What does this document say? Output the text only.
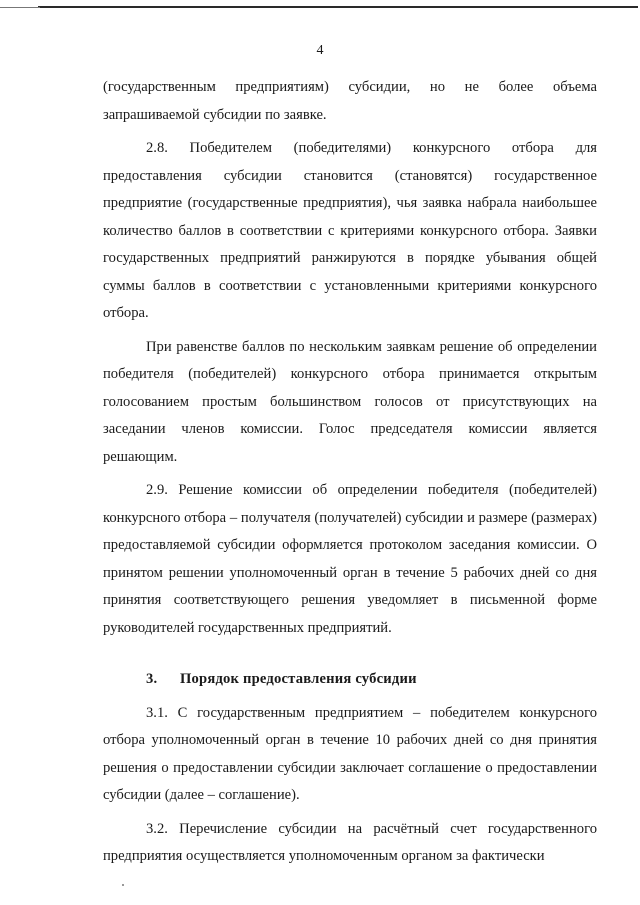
4

(государственным предприятиям) субсидии, но не более объема запрашиваемой субсидии по заявке.

2.8. Победителем (победителями) конкурсного отбора для предоставления субсидии становится (становятся) государственное предприятие (государственные предприятия), чья заявка набрала наибольшее количество баллов в соответствии с критериями конкурсного отбора. Заявки государственных предприятий ранжируются в порядке убывания общей суммы баллов в соответствии с установленными критериями конкурсного отбора.

При равенстве баллов по нескольким заявкам решение об определении победителя (победителей) конкурсного отбора принимается открытым голосованием простым большинством голосов от присутствующих на заседании членов комиссии. Голос председателя комиссии является решающим.

2.9. Решение комиссии об определении победителя (победителей) конкурсного отбора – получателя (получателей) субсидии и размере (размерах) предоставляемой субсидии оформляется протоколом заседания комиссии. О принятом решении уполномоченный орган в течение 5 рабочих дней со дня принятия соответствующего решения уведомляет в письменной форме руководителей государственных предприятий.

3. Порядок предоставления субсидии

3.1. С государственным предприятием – победителем конкурсного отбора уполномоченный орган в течение 10 рабочих дней со дня принятия решения о предоставлении субсидии заключает соглашение о предоставлении субсидии (далее – соглашение).

3.2. Перечисление субсидии на расчётный счет государственного предприятия осуществляется уполномоченным органом за фактически
